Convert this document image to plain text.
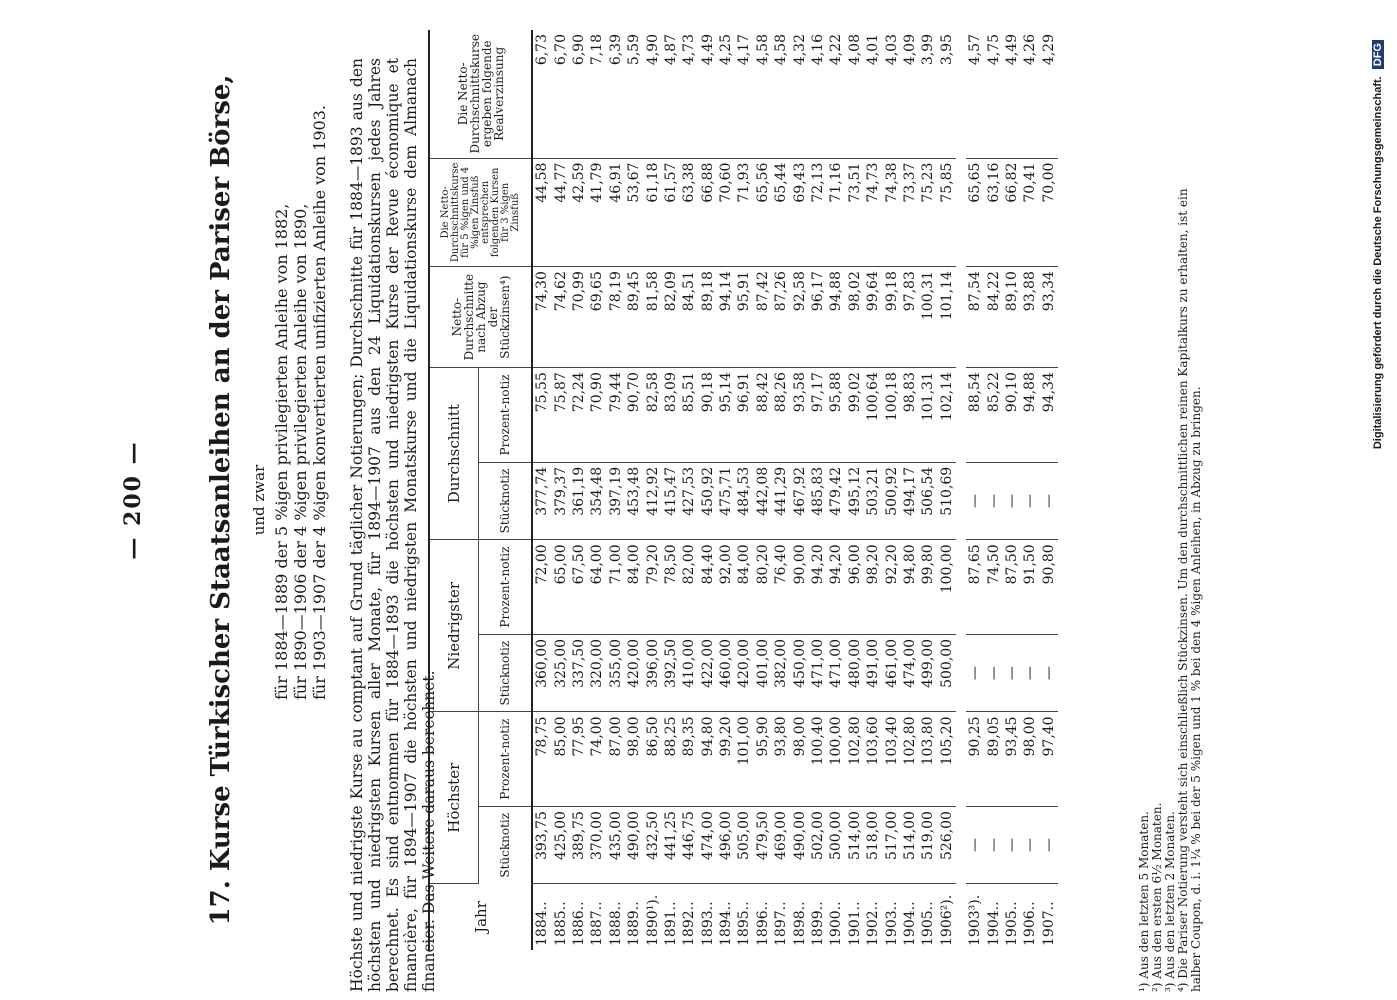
— 200 — 17. Kurse Türkischer Staatsanleihen an der Pariser Börse, und zwar für 1884—1889 der 5 %igen privilegierten Anleihe von 1882, für 1890—1906 der 4 %igen privilegierten Anleihe von 1890, für 1903—1907 der 4 %igen konvertierten unifizierten Anleihe von 1903. Höchste und niedrigste Kurse au comptant auf Grund täglicher Notierungen; Durchschnitte für 1884—1893 aus den höchsten und niedrigsten Kursen aller Monate, für 1894—1907 aus den 24 Liquidationskursen jedes Jahres berechnet. Es sind entnommen für 1884—1893 die höchsten und niedrigsten Kurse der Revue économique et financière, für 1894—1907 die höchsten und niedrigsten Monatskurse und die Liquidationskurse dem Almanach financier. Das Weitere daraus berechnet. Jahr	Höchster		Niedrigster		Durchschnitt		Netto-Durchschnitte nach Abzug der Stückzinsen⁴)	Die Netto-Durchschnittskurse für 5 %igen und 4 %igen Zinsfuß entsprechen folgenden Kursen für 3 %igen Zinsfuß	Die Netto-Durchschnittskurse ergeben folgende Realverzinsung
	Stücknotiz	Prozent-notiz	Stücknotiz	Prozent-notiz	Stücknotiz	Prozent-notiz			
1884..	393,75	78,75	360,00	72,00	377,74	75,55	74,30	44,58	6,73
1885..	425,00	85,00	325,00	65,00	379,37	75,87	74,62	44,77	6,70
1886..	389,75	77,95	337,50	67,50	361,19	72,24	70,99	42,59	6,90
1887..	370,00	74,00	320,00	64,00	354,48	70,90	69,65	41,79	7,18
1888..	435,00	87,00	355,00	71,00	397,19	79,44	78,19	46,91	6,39
1889..	490,00	98,00	420,00	84,00	453,48	90,70	89,45	53,67	5,59
1890¹).	432,50	86,50	396,00	79,20	412,92	82,58	81,58	61,18	4,90
1891..	441,25	88,25	392,50	78,50	415,47	83,09	82,09	61,57	4,87
1892..	446,75	89,35	410,00	82,00	427,53	85,51	84,51	63,38	4,73
1893..	474,00	94,80	422,00	84,40	450,92	90,18	89,18	66,88	4,49
1894..	496,00	99,20	460,00	92,00	475,71	95,14	94,14	70,60	4,25
1895..	505,00	101,00	420,00	84,00	484,53	96,91	95,91	71,93	4,17
1896..	479,50	95,90	401,00	80,20	442,08	88,42	87,42	65,56	4,58
1897..	469,00	93,80	382,00	76,40	441,29	88,26	87,26	65,44	4,58
1898..	490,00	98,00	450,00	90,00	467,92	93,58	92,58	69,43	4,32
1899..	502,00	100,40	471,00	94,20	485,83	97,17	96,17	72,13	4,16
1900..	500,00	100,00	471,00	94,20	479,42	95,88	94,88	71,16	4,22
1901..	514,00	102,80	480,00	96,00	495,12	99,02	98,02	73,51	4,08
1902..	518,00	103,60	491,00	98,20	503,21	100,64	99,64	74,73	4,01
1903..	517,00	103,40	461,00	92,20	500,92	100,18	99,18	74,38	4,03
1904..	514,00	102,80	474,00	94,80	494,17	98,83	97,83	73,37	4,09
1905..	519,00	103,80	499,00	99,80	506,54	101,31	100,31	75,23	3,99
1906²).	526,00	105,20	500,00	100,00	510,69	102,14	101,14	75,85	3,95

1903³).	—	90,25	—	87,65	—	88,54	87,54	65,65	4,57
1904..	—	89,05	—	74,50	—	85,22	84,22	63,16	4,75
1905..	—	93,45	—	87,50	—	90,10	89,10	66,82	4,49
1906..	—	98,00	—	91,50	—	94,88	93,88	70,41	4,26
1907..	—	97,40	—	90,80	—	94,34	93,34	70,00	4,29
¹) Aus den letzten 5 Monaten. ²) Aus den ersten 6½ Monaten. ³) Aus den letzten 2 Monaten. ⁴) Die Pariser Notierung versteht sich einschließlich Stückzinsen. Um den durchschnittlichen reinen Kapitalkurs zu erhalten, ist ein halber Coupon, d. i. 1¼ % bei der 5 %igen und 1 % bei den 4 %igen Anleihen, in Abzug zu bringen.
Digitalisierung gefördert durch die Deutsche Forschungsgemeinschaft. DFG
